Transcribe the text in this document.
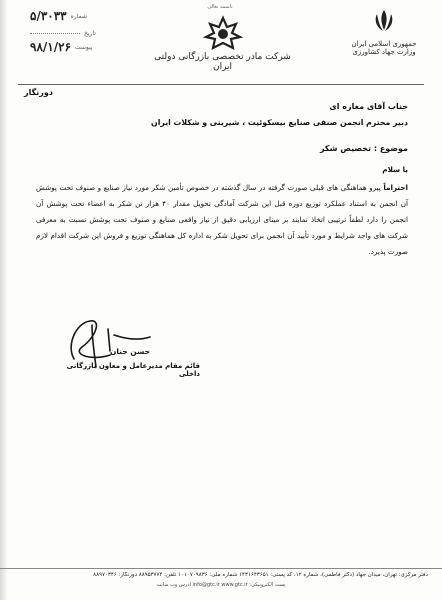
باسمه تعالی
شماره
۵/۳۰۳۳
تاریخ
پیوست
۹۸/۱/۲۶
شرکت مادر تخصصی بازرگانی دولتی ایران
جمهوری اسلامی ایران
وزارت جهاد کشاورزی
دورنگار
جناب آقای مغازه ای
دبیر محترم انجمن صنفی صنایع بیسکوئیت ، شیرینی و شکلات ایران
موضوع : تخصیص شکر
با سلام
احتراماً پیرو هماهنگی های قبلی صورت گرفته در سال گذشته در خصوص تأمین شکر مورد نیاز صنایع و صنوف تحت پوشش آن انجمن به استناد عملکرد توزیع دوره قبل این شرکت آمادگی تحویل مقدار ۴۰ هزار تن شکر به اعضاء تحت پوشش آن انجمن را دارد لطفاً ترتیبی اتخاذ نمایند بر مبنای ارزیابی دقیق از نیاز واقعی صنایع و صنوف تحت پوشش نسبت به معرفی شرکت های واجد شرایط و مورد تأیید آن انجمن برای تحویل شکر به اداره کل هماهنگی توزیع و فروش این شرکت اقدام لازم صورت پذیرد.
حسن حنان
قائم مقام مدیرعامل و معاون بازرگانی داخلی
دفتر مرکزی: تهران، میدان جهاد (دکتر فاطمی)، شماره ۱۲، کد پستی: ۱۴۳۱۶۴۳۶۵۱ شماره ملی: ۱۰۱۰۷۰۹۸۳۶ تلفن: ۸۸۹۵۳۷۷۴ دورنگار: ۸۸۹۷۰۳۴۶
پست الکترونیکی: info@gtc.ir www.gtc.ir آدرس وب سایت
